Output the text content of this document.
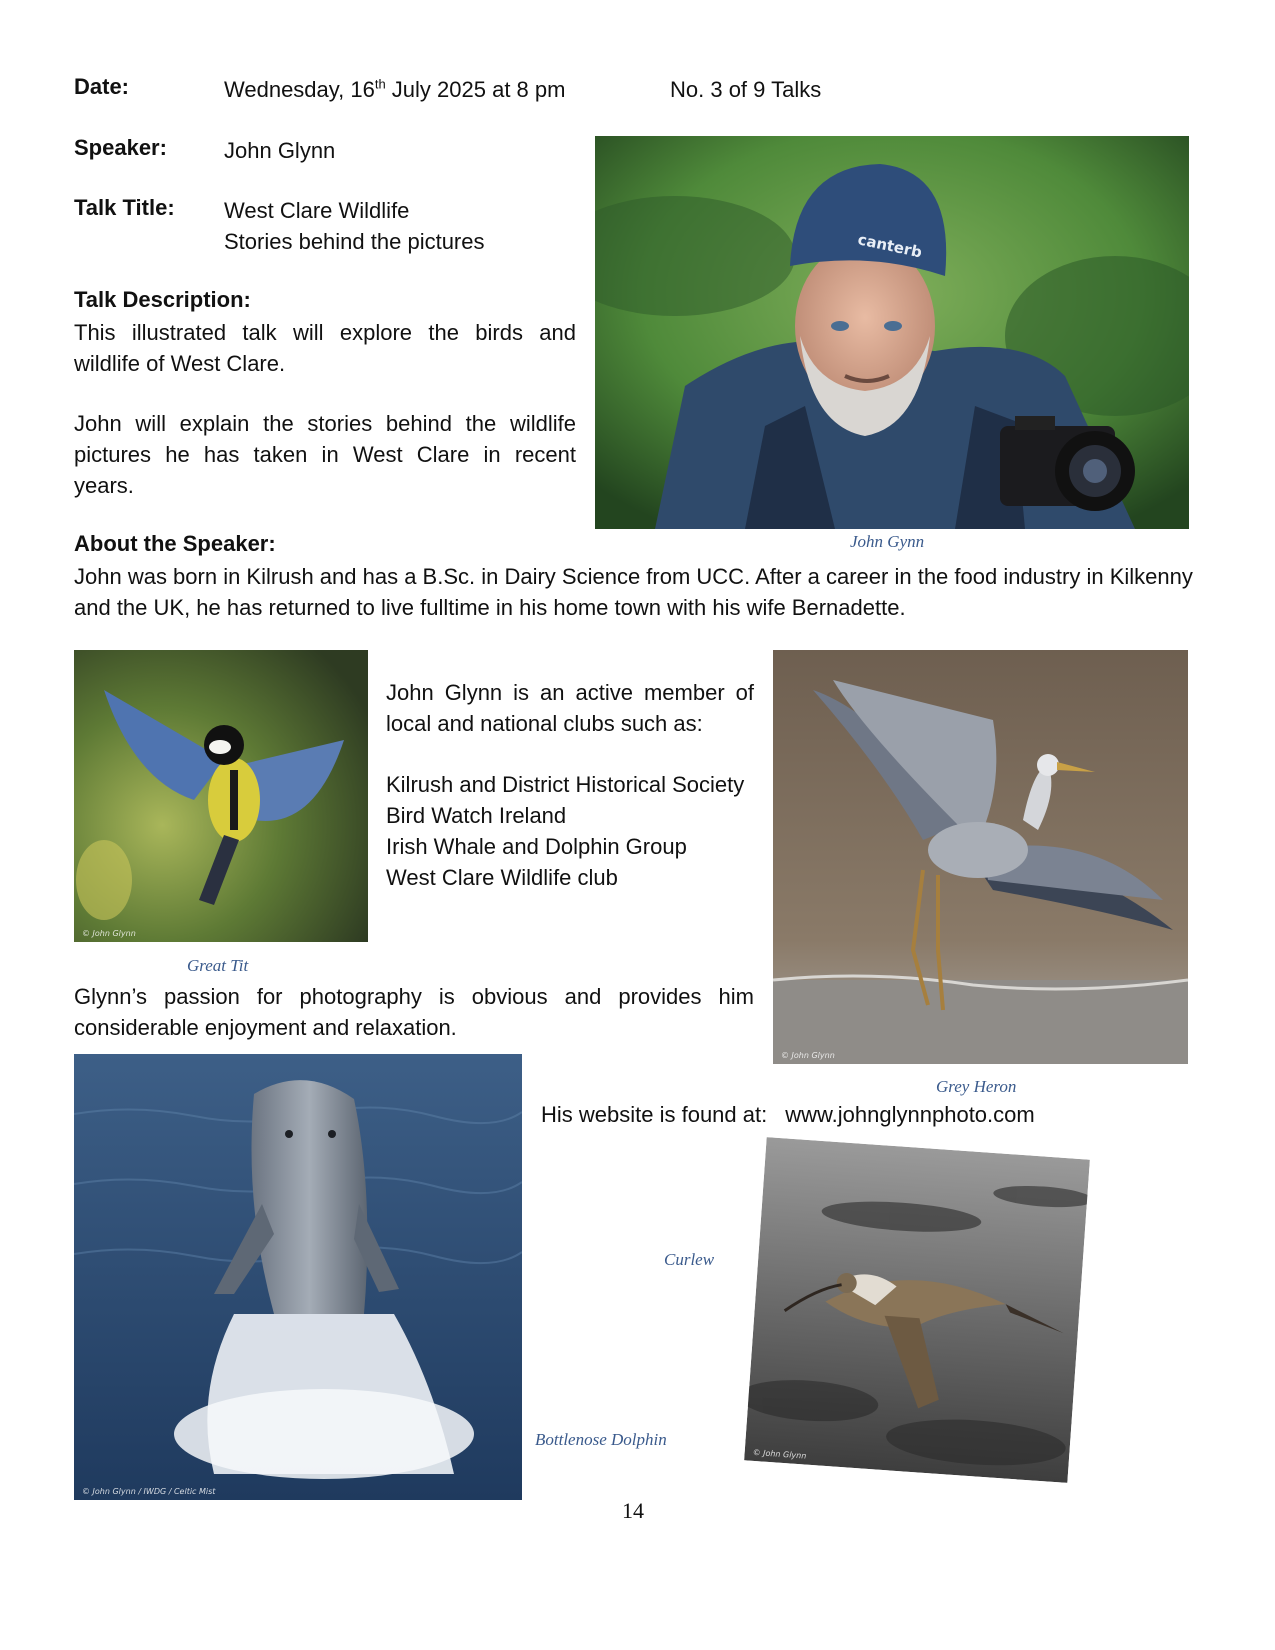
Date:	Wednesday, 16th July 2025 at 8 pm	No. 3 of 9 Talks
Speaker:	John Glynn
Talk Title: West Clare Wildlife
Stories behind the pictures
Talk Description:
This illustrated talk will explore the birds and wildlife of West Clare.
John will explain the stories behind the wildlife pictures he has taken in West Clare in recent years.
canterb
John Gynn
About the Speaker:
John was born in Kilrush and has a B.Sc. in Dairy Science from UCC. After a career in the food industry in Kilkenny and the UK, he has returned to live fulltime in his home town with his wife Bernadette.
© John Glynn
Great Tit
John Glynn is an active member of local and national clubs such as:
Kilrush and District Historical Society
Bird Watch Ireland
Irish Whale and Dolphin Group
West Clare Wildlife club
© John Glynn
Grey Heron
Glynn’s passion for photography is obvious and provides him considerable enjoyment and relaxation.
© John Glynn / IWDG / Celtic Mist
Bottlenose Dolphin
His website is found at: www.johnglynnphoto.com
Curlew
© John Glynn
14
